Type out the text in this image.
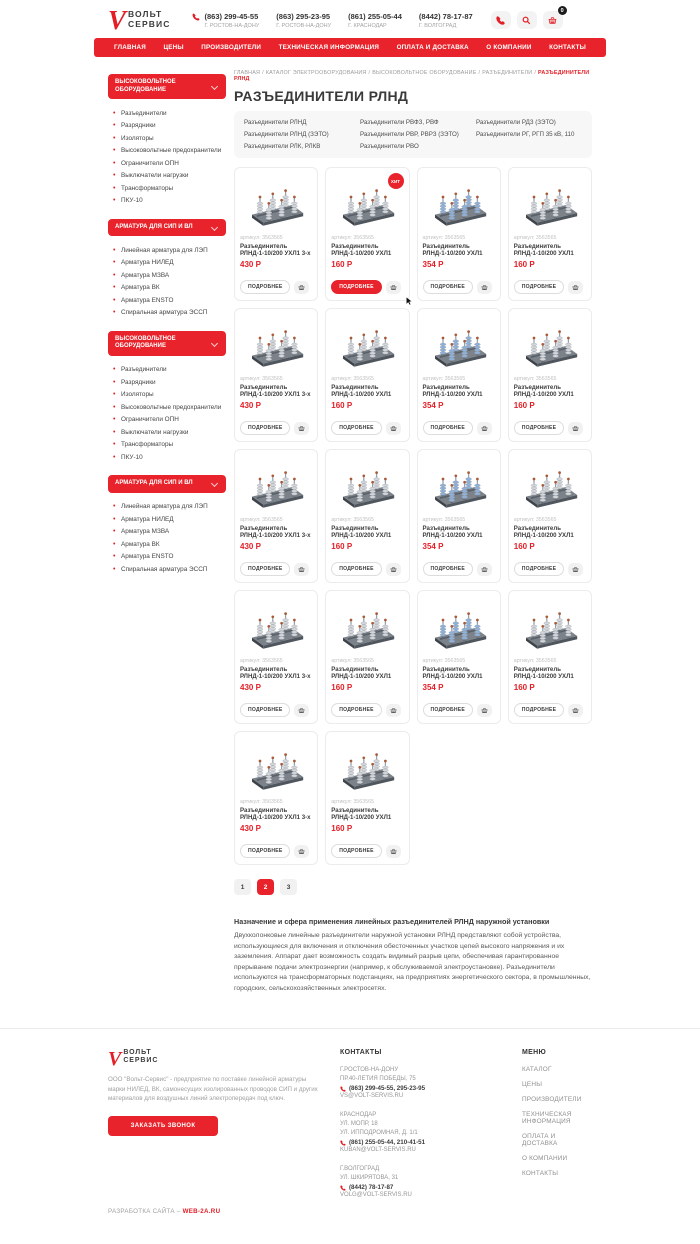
V ВОЛЬТ
СЕРВИС
(863) 299-45-55
Г. РОСТОВ-НА-ДОНУ
(863) 295-23-95
Г. РОСТОВ-НА-ДОНУ
(861) 255-05-44
Г. КРАСНОДАР
(8442) 78-17-87
Г. ВОЛГОГРАД
0
ГЛАВНАЯ	ЦЕНЫ	ПРОИЗВОДИТЕЛИ	ТЕХНИЧЕСКАЯ ИНФОРМАЦИЯ	ОПЛАТА И ДОСТАВКА	О КОМПАНИИ	КОНТАКТЫ
ВЫСОКОВОЛЬТНОЕ ОБОРУДОВАНИЕ
• Разъединители
• Разрядники
• Изоляторы
• Высоковольтные предохранители
• Ограничители ОПН
• Выключатели нагрузки
• Трансформаторы
• ПКУ-10
АРМАТУРА ДЛЯ СИП И ВЛ
• Линейная арматура для ЛЭП
• Арматура НИЛЕД
• Арматура МЗВА
• Арматура ВК
• Арматура ENSTO
• Спиральная арматура ЭССП
ВЫСОКОВОЛЬТНОЕ ОБОРУДОВАНИЕ
• Разъединители
• Разрядники
• Изоляторы
• Высоковольтные предохранители
• Ограничители ОПН
• Выключатели нагрузки
• Трансформаторы
• ПКУ-10
АРМАТУРА ДЛЯ СИП И ВЛ
• Линейная арматура для ЛЭП
• Арматура НИЛЕД
• Арматура МЗВА
• Арматура ВК
• Арматура ENSTO
• Спиральная арматура ЭССП
ГЛАВНАЯ / КАТАЛОГ ЭЛЕКТРООБОРУДОВАНИЯ / ВЫСОКОВОЛЬТНОЕ ОБОРУДОВАНИЕ / РАЗЪЕДИНИТЕЛИ / РАЗЪЕДИНИТЕЛИ РЛНД
РАЗЪЕДИНИТЕЛИ РЛНД
Разъединители РЛНД
Разъединители РЛНД (ЗЭТО)
Разъединители РЛК, РЛКВ
Разъединители РВФЗ, РВФ
Разъединители РВР, РВРЗ (ЗЭТО)
Разъединители РВО
Разъединители РДЗ (ЗЭТО)
Разъединители РГ, РГП 35 кВ, 110
артикул: 3563565
Разъединитель РЛНД-1-10/200 УХЛ1 3-х
430 Р
ПОДРОБНЕЕ
ХИТ
артикул: 3563565
Разъединитель РЛНД-1-10/200 УХЛ1
160 Р
ПОДРОБНЕЕ
артикул: 3563565
Разъединитель РЛНД-1-10/200 УХЛ1
354 Р
ПОДРОБНЕЕ
артикул: 3563565
Разъединитель РЛНД-1-10/200 УХЛ1
160 Р
ПОДРОБНЕЕ
артикул: 3563565
Разъединитель РЛНД-1-10/200 УХЛ1 3-х
430 Р
ПОДРОБНЕЕ
артикул: 3563565
Разъединитель РЛНД-1-10/200 УХЛ1
160 Р
ПОДРОБНЕЕ
артикул: 3563565
Разъединитель РЛНД-1-10/200 УХЛ1
354 Р
ПОДРОБНЕЕ
артикул: 3563565
Разъединитель РЛНД-1-10/200 УХЛ1
160 Р
ПОДРОБНЕЕ
артикул: 3563565
Разъединитель РЛНД-1-10/200 УХЛ1 3-х
430 Р
ПОДРОБНЕЕ
артикул: 3563565
Разъединитель РЛНД-1-10/200 УХЛ1
160 Р
ПОДРОБНЕЕ
артикул: 3563565
Разъединитель РЛНД-1-10/200 УХЛ1
354 Р
ПОДРОБНЕЕ
артикул: 3563565
Разъединитель РЛНД-1-10/200 УХЛ1
160 Р
ПОДРОБНЕЕ
артикул: 3563565
Разъединитель РЛНД-1-10/200 УХЛ1 3-х
430 Р
ПОДРОБНЕЕ
артикул: 3563565
Разъединитель РЛНД-1-10/200 УХЛ1
160 Р
ПОДРОБНЕЕ
артикул: 3563565
Разъединитель РЛНД-1-10/200 УХЛ1
354 Р
ПОДРОБНЕЕ
артикул: 3563565
Разъединитель РЛНД-1-10/200 УХЛ1
160 Р
ПОДРОБНЕЕ
артикул: 3563565
Разъединитель РЛНД-1-10/200 УХЛ1 3-х
430 Р
ПОДРОБНЕЕ
артикул: 3563565
Разъединитель РЛНД-1-10/200 УХЛ1
160 Р
ПОДРОБНЕЕ
1	2	3
Назначение и сфера применения линейных разъединителей РЛНД наружной установки

Двухколонковые линейные разъединители наружной установки РЛНД представляют собой устройства, использующиеся для включения и отключения обесточенных участков цепей высокого напряжения и их заземления. Аппарат дает возможность создать видимый разрыв цепи, обеспечивая гарантированное прерывание подачи электроэнергии (например, к обслуживаемой электроустановке). Разъединители используются на трансформаторных подстанциях, на предприятиях энергетического сектора, в промышленных, городских, сельскохозяйственных электросетях.

V ВОЛЬТ
СЕРВИС
ООО "Вольт-Сервис" - предприятие по поставке линейной арматуры марки НИЛЕД, ВК, самонесущих изолированных проводов СИП и других материалов для воздушных линий электропередач под ключ.
ЗАКАЗАТЬ ЗВОНОК
РАЗРАБОТКА САЙТА – WEB-2A.RU
КОНТАКТЫ
Г.РОСТОВ-НА-ДОНУ
ПР.40-ЛЕТИЯ ПОБЕДЫ, 75
(863) 299-45-55, 295-23-95
VS@VOLT-SERVIS.RU
КРАСНОДАР
УЛ. МОПР, 18
УЛ. ИППОДРОМНАЯ, Д. 1/1
(861) 255-05-44, 210-41-51
KUBAN@VOLT-SERVIS.RU
Г.ВОЛГОГРАД
УЛ. ШКИРЯТОВА, 31
(8442) 78-17-87
VOLG@VOLT-SERVIS.RU
МЕНЮ
КАТАЛОГ
ЦЕНЫ
ПРОИЗВОДИТЕЛИ
ТЕХНИЧЕСКАЯ ИНФОРМАЦИЯ
ОПЛАТА И ДОСТАВКА
О КОМПАНИИ
КОНТАКТЫ
